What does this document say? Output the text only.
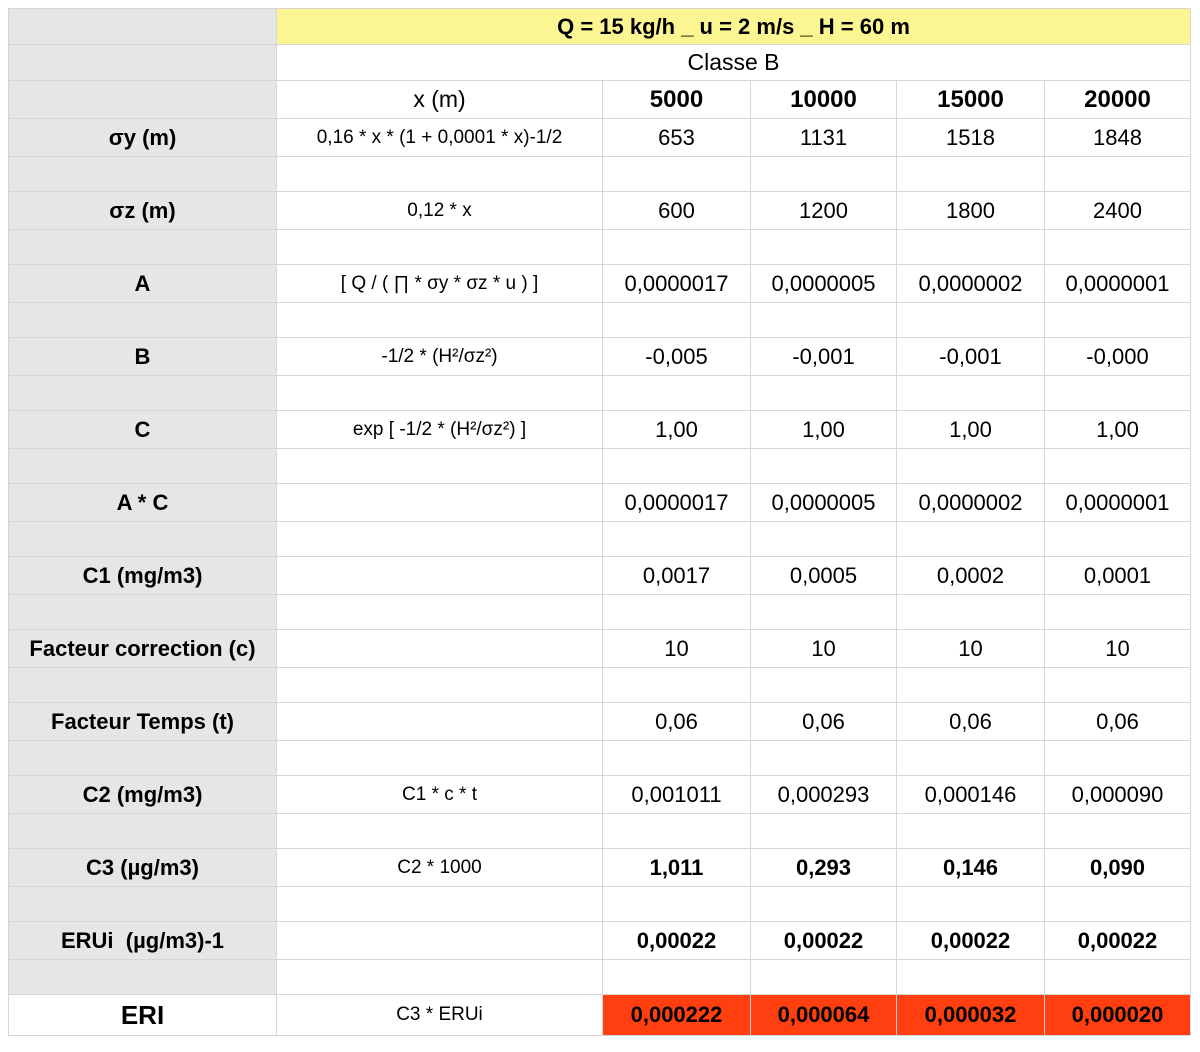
	Q = 15 kg/h _ u = 2 m/s _ H = 60 m				
	Classe B				
	x (m)	5000	10000	15000	20000
σy (m)	0,16 * x * (1 + 0,0001 * x)-1/2	653	1131	1518	1848

σz (m)	0,12 * x	600	1200	1800	2400

A	[ Q / ( ∏ * σy * σz * u ) ]	0,0000017	0,0000005	0,0000002	0,0000001

B	-1/2 * (H²/σz²)	-0,005	-0,001	-0,001	-0,000

C	exp [ -1/2 * (H²/σz²) ]	1,00	1,00	1,00	1,00

A * C		0,0000017	0,0000005	0,0000002	0,0000001

C1 (mg/m3)		0,0017	0,0005	0,0002	0,0001

Facteur correction (c)		10	10	10	10

Facteur Temps (t)		0,06	0,06	0,06	0,06

C2 (mg/m3)	C1 * c * t	0,001011	0,000293	0,000146	0,000090

C3 (µg/m3)	C2 * 1000	1,011	0,293	0,146	0,090

ERUi  (µg/m3)-1		0,00022	0,00022	0,00022	0,00022

ERI	C3 * ERUi	0,000222	0,000064	0,000032	0,000020
